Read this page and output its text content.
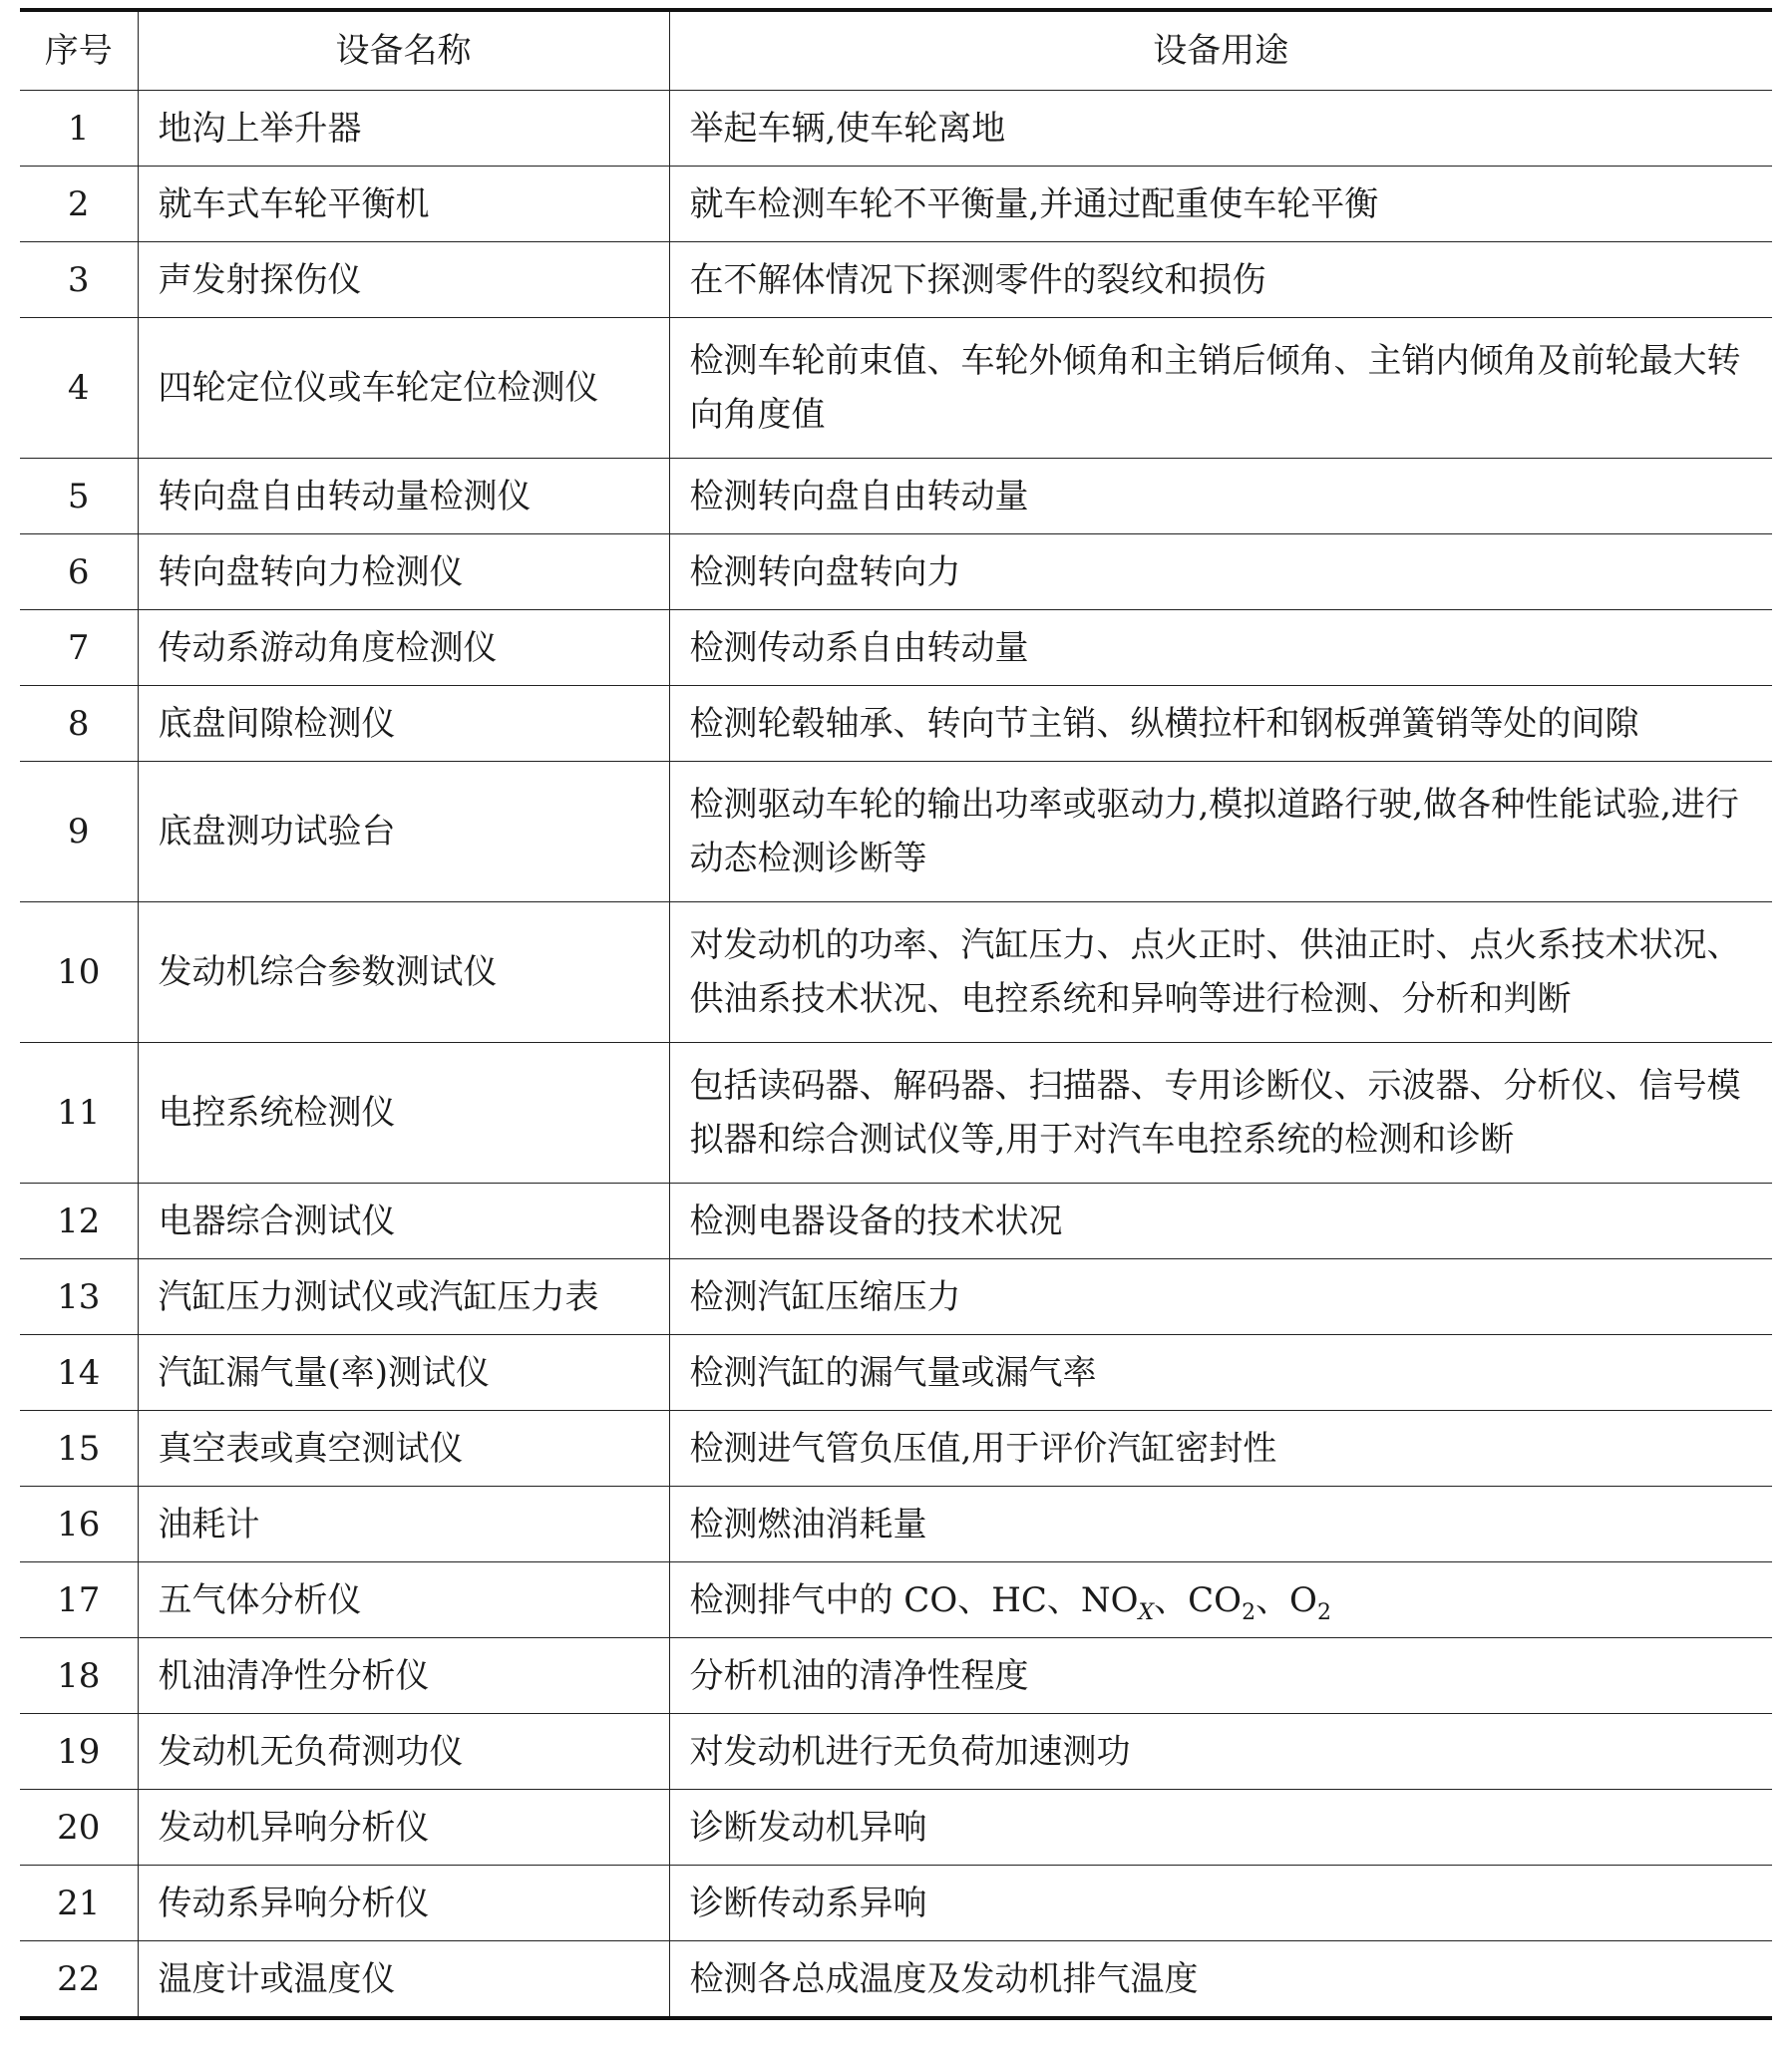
序号	设备名称	设备用途
1	地沟上举升器	举起车辆,使车轮离地
2	就车式车轮平衡机	就车检测车轮不平衡量,并通过配重使车轮平衡
3	声发射探伤仪	在不解体情况下探测零件的裂纹和损伤
4	四轮定位仪或车轮定位检测仪	检测车轮前束值、车轮外倾角和主销后倾角、主销内倾角及前轮最大转向角度值
5	转向盘自由转动量检测仪	检测转向盘自由转动量
6	转向盘转向力检测仪	检测转向盘转向力
7	传动系游动角度检测仪	检测传动系自由转动量
8	底盘间隙检测仪	检测轮毂轴承、转向节主销、纵横拉杆和钢板弹簧销等处的间隙
9	底盘测功试验台	检测驱动车轮的输出功率或驱动力,模拟道路行驶,做各种性能试验,进行动态检测诊断等
10	发动机综合参数测试仪	对发动机的功率、汽缸压力、点火正时、供油正时、点火系技术状况、供油系技术状况、电控系统和异响等进行检测、分析和判断
11	电控系统检测仪	包括读码器、解码器、扫描器、专用诊断仪、示波器、分析仪、信号模拟器和综合测试仪等,用于对汽车电控系统的检测和诊断
12	电器综合测试仪	检测电器设备的技术状况
13	汽缸压力测试仪或汽缸压力表	检测汽缸压缩压力
14	汽缸漏气量(率)测试仪	检测汽缸的漏气量或漏气率
15	真空表或真空测试仪	检测进气管负压值,用于评价汽缸密封性
16	油耗计	检测燃油消耗量
17	五气体分析仪	检测排气中的 CO、HC、$NO_X$、$CO_2$、$O_2$
18	机油清净性分析仪	分析机油的清净性程度
19	发动机无负荷测功仪	对发动机进行无负荷加速测功
20	发动机异响分析仪	诊断发动机异响
21	传动系异响分析仪	诊断传动系异响
22	温度计或温度仪	检测各总成温度及发动机排气温度
